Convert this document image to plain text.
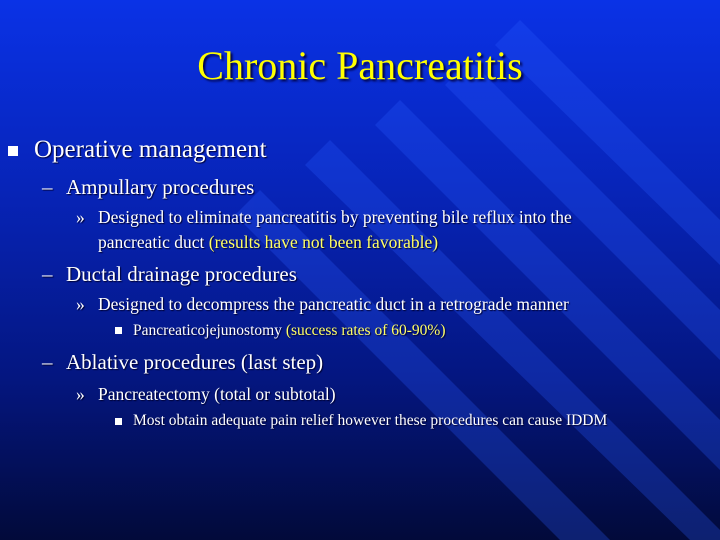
Chronic Pancreatitis
Operative management
– Ampullary procedures
» Designed to eliminate pancreatitis by preventing bile reflux into the
pancreatic duct (results have not been favorable)
– Ductal drainage procedures
» Designed to decompress the pancreatic duct in a retrograde manner
Pancreaticojejunostomy (success rates of 60-90%)
– Ablative procedures (last step)
» Pancreatectomy (total or subtotal)
Most obtain adequate pain relief however these procedures can cause IDDM
